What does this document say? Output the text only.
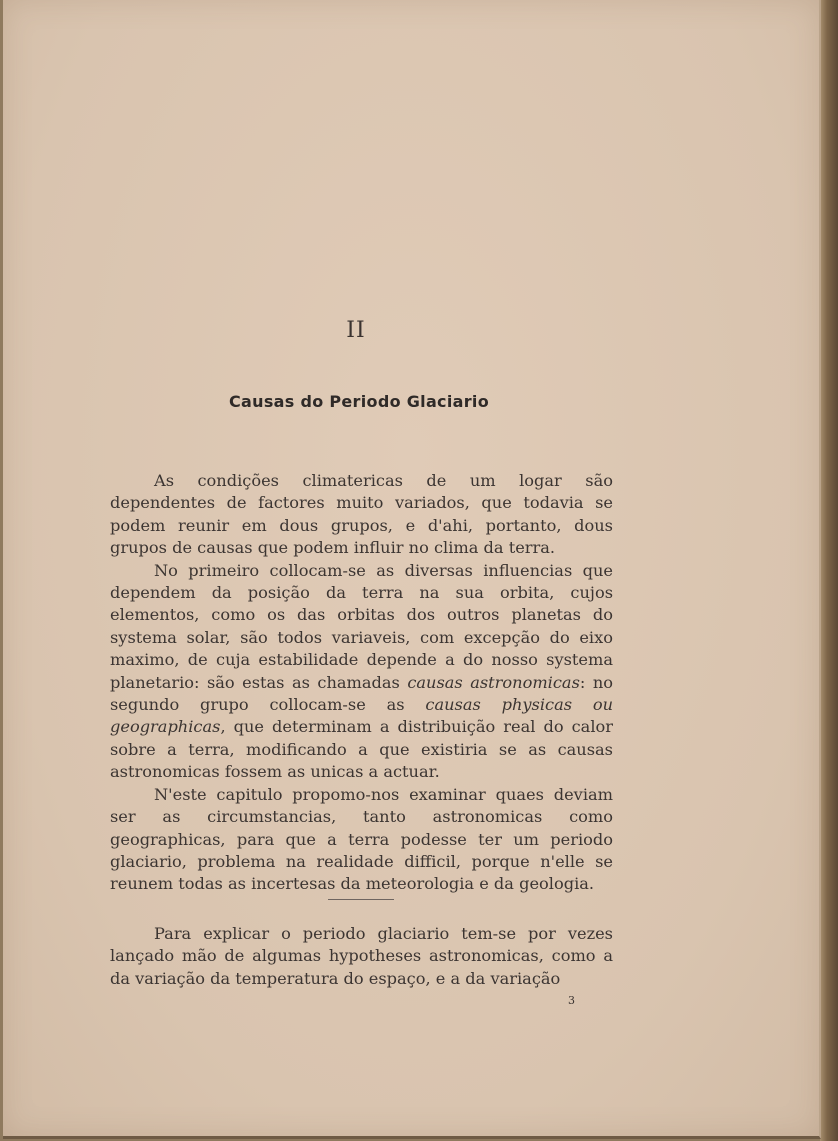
II
Causas do Periodo Glaciario

As condições climatericas de um logar são dependentes de factores muito variados, que todavia se podem reunir em dous grupos, e d'ahi, portanto, dous grupos de causas que podem influir no clima da terra.

No primeiro collocam-se as diversas influencias que dependem da posição da terra na sua orbita, cujos elementos, como os das orbitas dos outros planetas do systema solar, são todos variaveis, com excepção do eixo maximo, de cuja estabilidade depende a do nosso systema planetario: são estas as chamadas causas astronomicas: no segundo grupo collocam-se as causas physicas ou geographicas, que determinam a distribuição real do calor sobre a terra, modificando a que existiria se as causas astronomicas fossem as unicas a actuar.

N'este capitulo propomo-nos examinar quaes deviam ser as circumstancias, tanto astronomicas como geographicas, para que a terra podesse ter um periodo glaciario, problema na realidade difficil, porque n'elle se reunem todas as incertesas da meteorologia e da geologia.

Para explicar o periodo glaciario tem-se por vezes lançado mão de algumas hypotheses astronomicas, como a da variação da temperatura do espaço, e a da variação

3
